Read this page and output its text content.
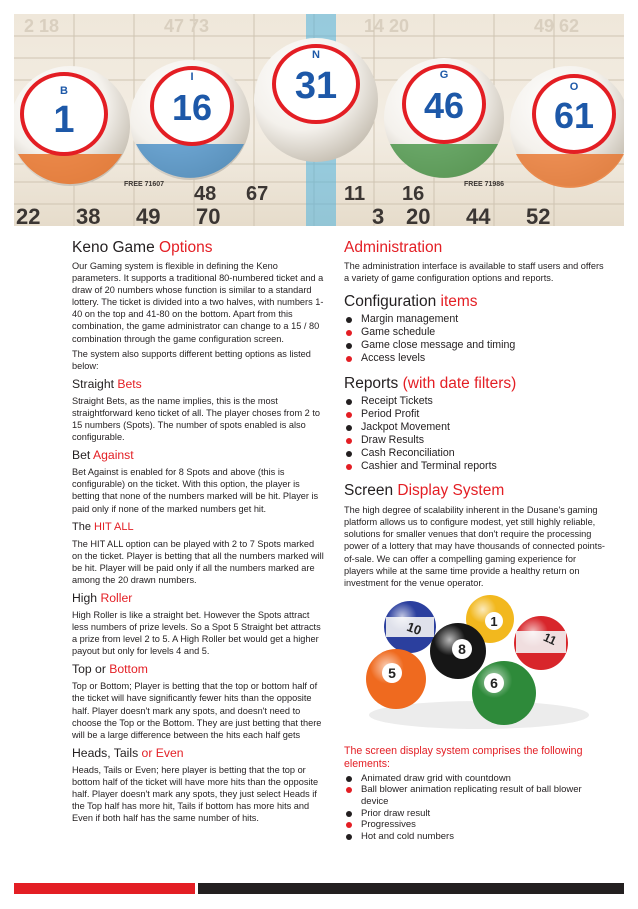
2 18	47 73	14 20	49 62
22 38 49 70	3 20 44 52
48 67	11 16
FREE 71607	FREE 71986
B
1
I
16
N
31	G
46	O
61
Keno Game Options

Our Gaming system is flexible in defining the Keno parameters. It supports a traditional 80-numbered ticket and a draw of 20 numbers whose function is similar to a standard lottery. The ticket is divided into a two halves, with numbers 1-40 on the top and 41-80 on the bottom. Apart from this combination, the game administrator can change to a 15 / 80 combination through the game configuration screen.

The system also supports different betting options as listed below:

Straight Bets

Straight Bets, as the name implies, this is the most straightforward keno ticket of all. The player choses from 2 to 15 numbers (Spots). The number of spots enabled is also configurable.

Bet Against

Bet Against is enabled for 8 Spots and above (this is configurable) on the ticket. With this option, the player is betting that none of the numbers marked will be hit. Player is paid only if none of the marked numbers get hit.

The HIT ALL

The HIT ALL option can be played with 2 to 7 Spots marked on the ticket. Player is betting that all the numbers marked will be hit. Player will be paid only if all the numbers marked are among the 20 drawn numbers.

High Roller

High Roller is like a straight bet. However the Spots attract less numbers of prize levels. So a Spot 5 Straight bet attracts a prize from level 2 to 5. A High Roller bet would get a higher payout but only for levels 4 and 5.

Top or Bottom

Top or Bottom; Player is betting that the top or bottom half of the ticket will have significantly fewer hits than the opposite half. Player doesn't mark any spots, and doesn't need to choose the Top or the Bottom. They are just betting that there will be a large difference between the hits each half gets

Heads, Tails or Even

Heads, Tails or Even; here player is betting that the top or bottom half of the ticket will have more hits than the opposite half. Player doesn't mark any spots, they just select Heads if the Top half has more hit, Tails if bottom has more hits and Even if both half has the same number of hits.

Administration

The administration interface is available to staff users and offers a variety of game configuration options and reports.

Configuration items
Margin management
Game schedule
Game close message and timing
Access levels
Reports (with date filters)
Receipt Tickets
Period Profit
Jackpot Movement
Draw Results
Cash Reconciliation
Cashier and Terminal reports
Screen Display System

The high degree of scalability inherent in the Dusane's gaming platform allows us to configure modest, yet still highly reliable, solutions for smaller venues that don't require the processing power of a lottery that may have thousands of connected points-of-sale. We can offer a compelling gaming experience for players while at the same time provide a healthy return on investment for the venue operator.

10	1
8
11
5
6
The screen display system comprises the following elements:
Animated draw grid with countdown
Ball blower animation replicating result of ball blower device
Prior draw result
Progressives
Hot and cold numbers
